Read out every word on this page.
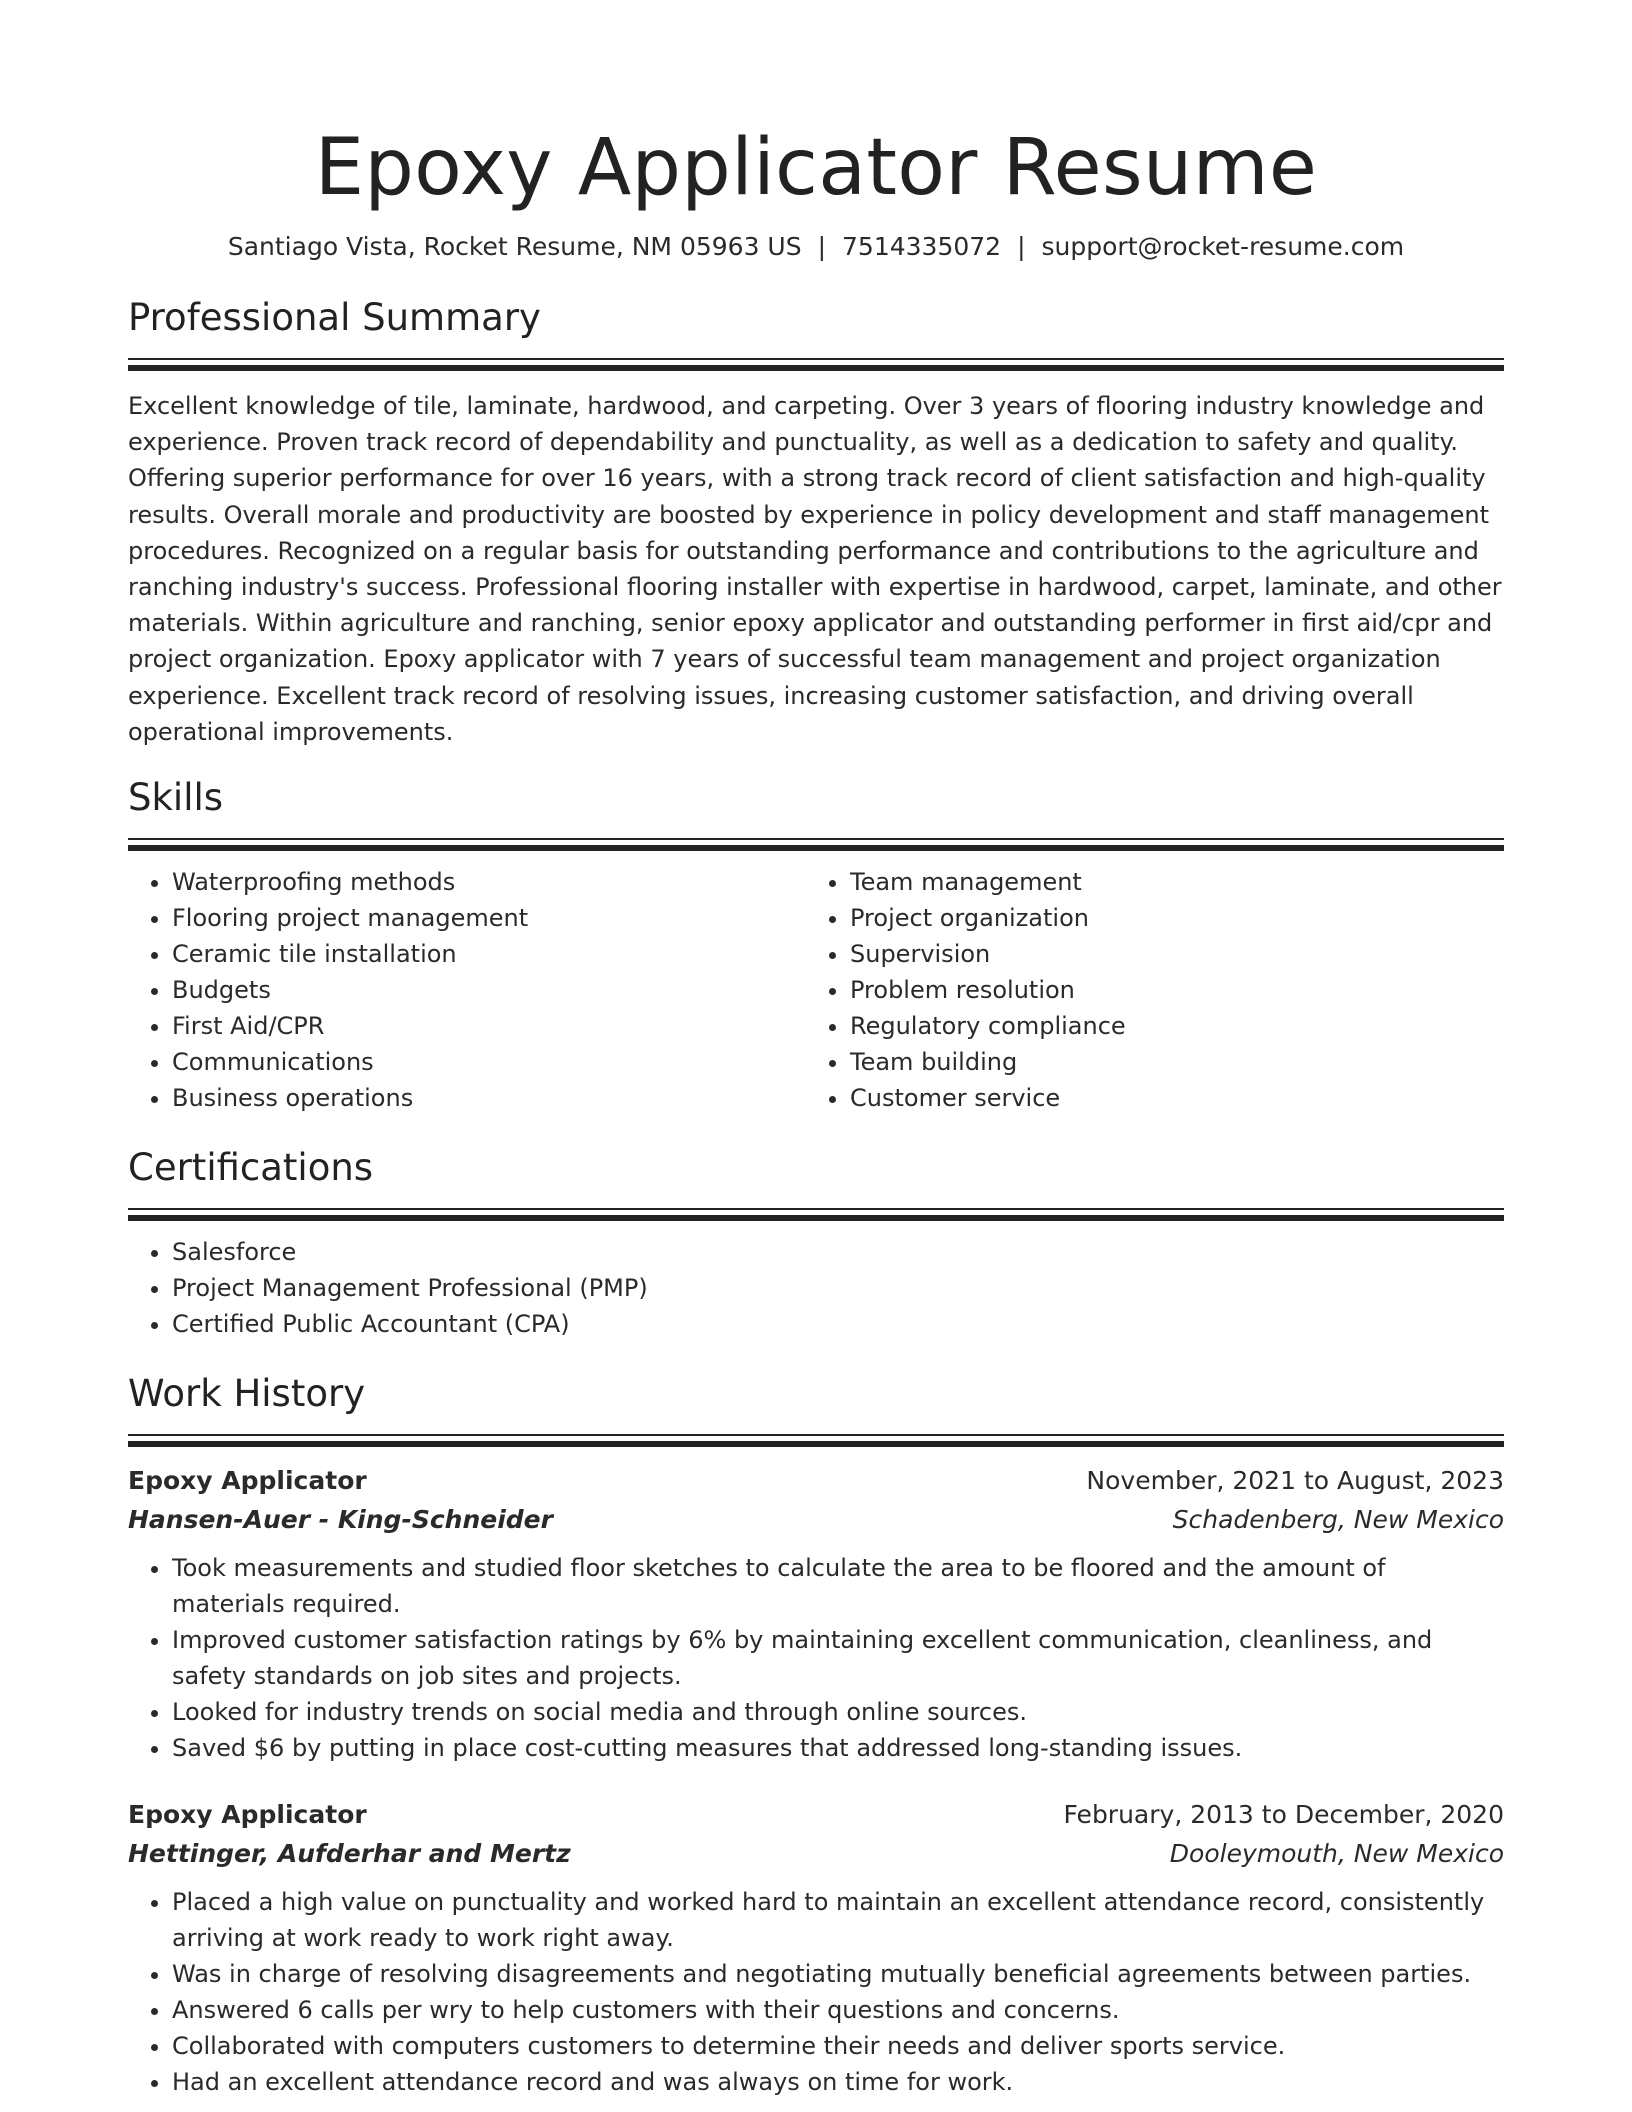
Epoxy Applicator Resume
Santiago Vista, Rocket Resume, NM 05963 US | 7514335072 | support@rocket-resume.com
Professional Summary

Excellent knowledge of tile, laminate, hardwood, and carpeting. Over 3 years of flooring industry knowledge and experience. Proven track record of dependability and punctuality, as well as a dedication to safety and quality. Offering superior performance for over 16 years, with a strong track record of client satisfaction and high-quality results. Overall morale and productivity are boosted by experience in policy development and staff management procedures. Recognized on a regular basis for outstanding performance and contributions to the agriculture and ranching industry's success. Professional flooring installer with expertise in hardwood, carpet, laminate, and other materials. Within agriculture and ranching, senior epoxy applicator and outstanding performer in first aid/cpr and project organization. Epoxy applicator with 7 years of successful team management and project organization experience. Excellent track record of resolving issues, increasing customer satisfaction, and driving overall operational improvements.

Skills
• Waterproofing methods
• Flooring project management
• Ceramic tile installation
• Budgets
• First Aid/CPR
• Communications
• Business operations
• Team management
• Project organization
• Supervision
• Problem resolution
• Regulatory compliance
• Team building
• Customer service
Certifications
• Salesforce
• Project Management Professional (PMP)
• Certified Public Accountant (CPA)
Work History
Epoxy Applicator	November, 2021 to August, 2023
Hansen-Auer - King-Schneider	Schadenberg, New Mexico
• Took measurements and studied floor sketches to calculate the area to be floored and the amount of materials required.
• Improved customer satisfaction ratings by 6% by maintaining excellent communication, cleanliness, and safety standards on job sites and projects.
• Looked for industry trends on social media and through online sources.
• Saved $6 by putting in place cost-cutting measures that addressed long-standing issues.
Epoxy Applicator	February, 2013 to December, 2020
Hettinger, Aufderhar and Mertz	Dooleymouth, New Mexico
• Placed a high value on punctuality and worked hard to maintain an excellent attendance record, consistently arriving at work ready to work right away.
• Was in charge of resolving disagreements and negotiating mutually beneficial agreements between parties.
• Answered 6 calls per wry to help customers with their questions and concerns.
• Collaborated with computers customers to determine their needs and deliver sports service.
• Had an excellent attendance record and was always on time for work.
